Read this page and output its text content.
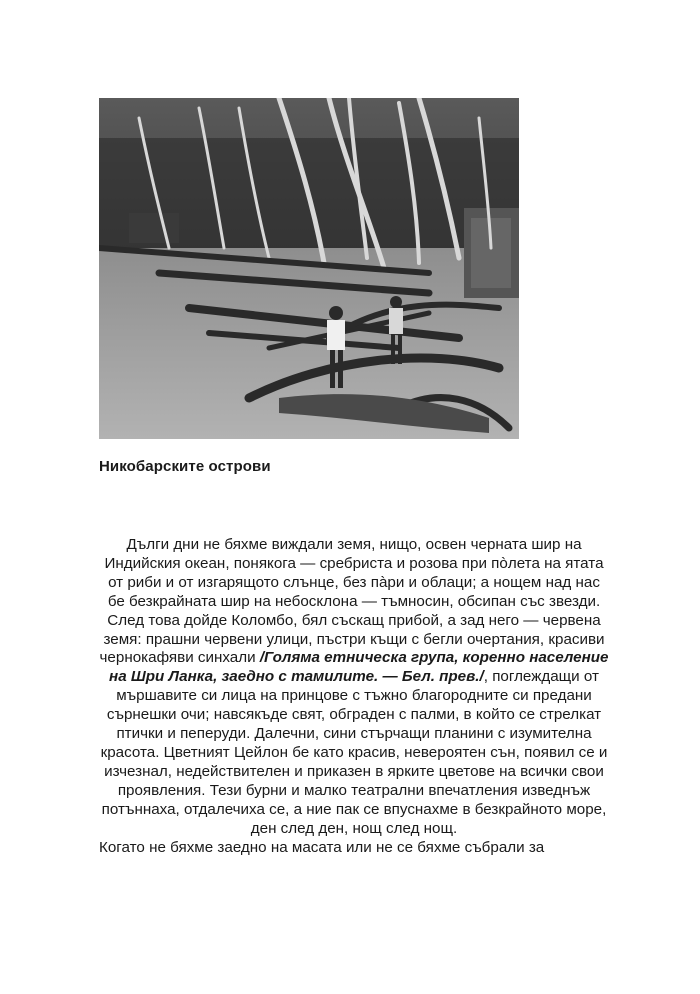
Никобарските острови

Дълги дни не бяхме виждали земя, нищо, освен черната шир на Индийския океан, понякога — сребриста и розова при пòлета на ятата от риби и от изгарящото слънце, без пàри и облаци; а нощем над нас бе безкрайната шир на небосклона — тъмносин, обсипан със звезди. След това дойде Коломбо, бял съскащ прибой, а зад него — червена земя: прашни червени улици, пъстри къщи с бегли очертания, красиви чернокафяви синхали /Голяма етническа група, коренно население на Шри Ланка, заедно с тамилите. — Бел. прев./, поглеждащи от мършавите си лица на принцове с тъжно благородните си предани сърнешки очи; навсякъде свят, обграден с палми, в който се стрелкат птички и пеперуди. Далечни, сини стърчащи планини с изумителна красота. Цветният Цейлон бе като красив, невероятен сън, появил се и изчезнал, недействителен и приказен в ярките цветове на всички свои проявления. Тези бурни и малко театрални впечатления изведнъж потъннаха, отдалечиха се, а ние пак се впуснахме в безкрайното море, ден след ден, нощ след нощ.

Когато не бяхме заедно на масата или не се бяхме събрали за
